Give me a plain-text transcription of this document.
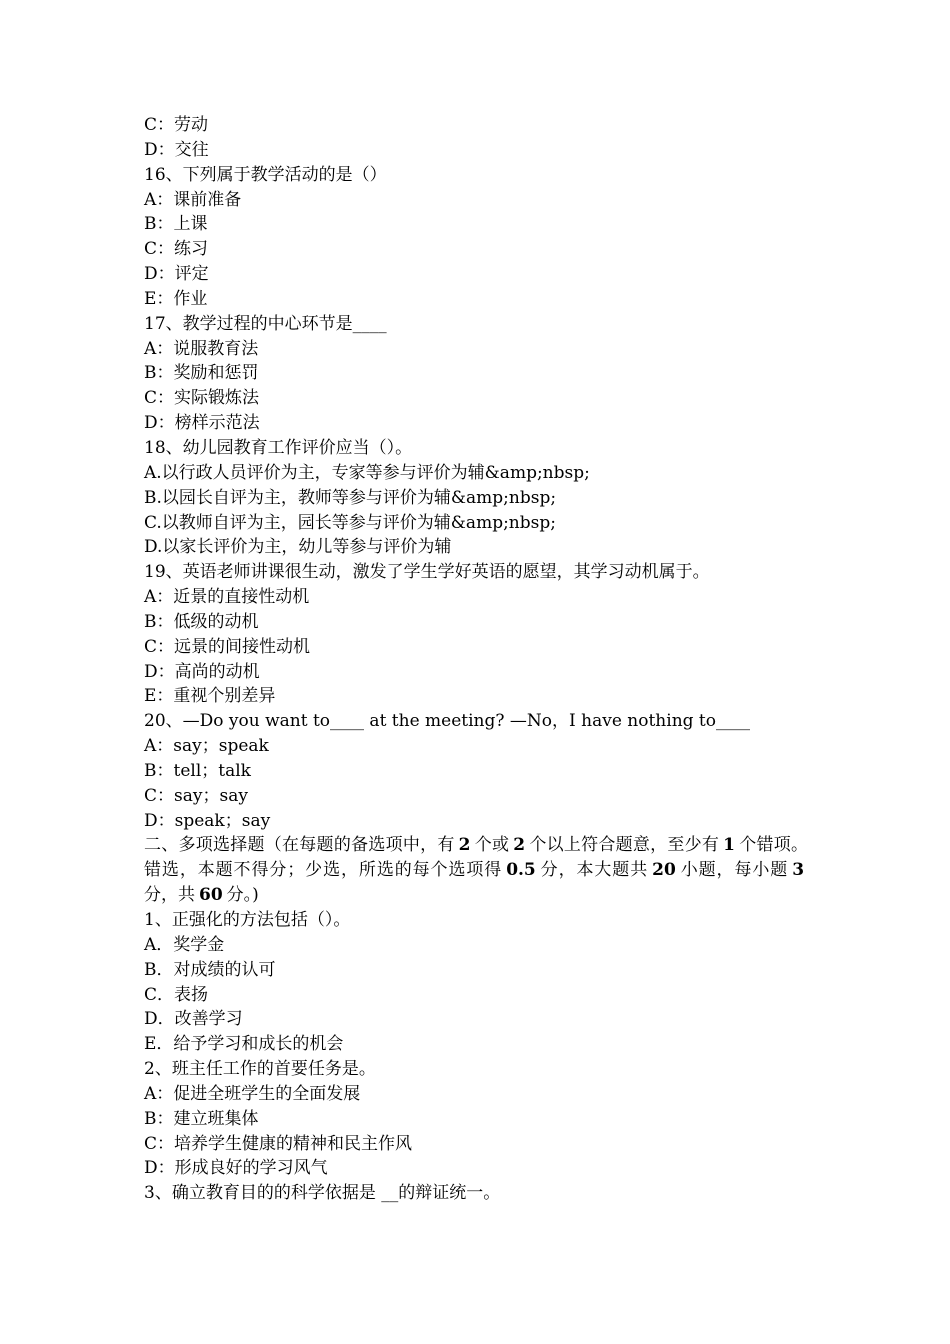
C：劳动
D：交往
16、下列属于教学活动的是（）
A：课前准备
B：上课
C：练习
D：评定
E：作业
17、教学过程的中心环节是____
A：说服教育法
B：奖励和惩罚
C：实际锻炼法
D：榜样示范法
18、幼儿园教育工作评价应当（）。
A.以行政人员评价为主，专家等参与评价为辅&amp;nbsp;
B.以园长自评为主，教师等参与评价为辅&amp;nbsp;
C.以教师自评为主，园长等参与评价为辅&amp;nbsp;
D.以家长评价为主，幼儿等参与评价为辅
19、英语老师讲课很生动，激发了学生学好英语的愿望，其学习动机属于。
A：近景的直接性动机
B：低级的动机
C：远景的间接性动机
D：高尚的动机
E：重视个别差异
20、—Do you want to____ at the meeting? —No，I have nothing to____
A：say；speak
B：tell；talk
C：say；say
D：speak；say
二、多项选择题（在每题的备选项中，有 2 个或 2 个以上符合题意，至少有 1 个错项。错选，本题不得分；少选，所选的每个选项得 0.5 分，本大题共 20 小题，每小题 3分，共 60 分。)
1、正强化的方法包括（）。
A．奖学金
B．对成绩的认可
C．表扬
D．改善学习
E．给予学习和成长的机会
2、班主任工作的首要任务是。
A：促进全班学生的全面发展
B：建立班集体
C：培养学生健康的精神和民主作风
D：形成良好的学习风气
3、确立教育目的的科学依据是 __的辩证统一。
